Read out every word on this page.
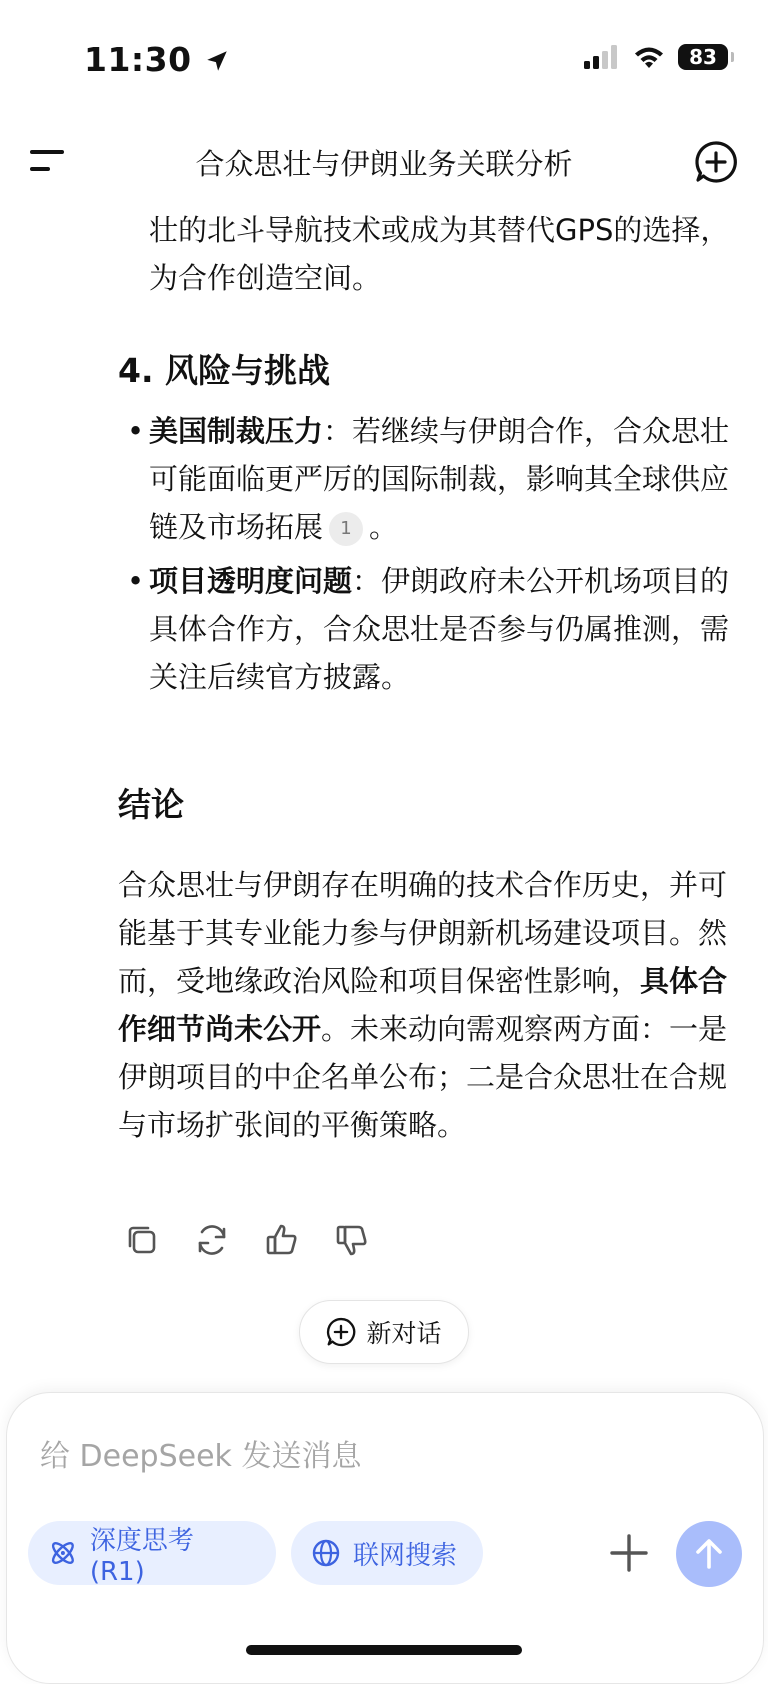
11:30	83
合众思壮与伊朗业务关联分析
壮的北斗导航技术或成为其替代GPS的选择，为合作创造空间。
4. 风险与挑战
• 美国制裁压力：若继续与伊朗合作，合众思壮可能面临更严厉的国际制裁，影响其全球供应链及市场拓展 1 。
• 项目透明度问题：伊朗政府未公开机场项目的具体合作方，合众思壮是否参与仍属推测，需关注后续官方披露。
结论
合众思壮与伊朗存在明确的技术合作历史，并可能基于其专业能力参与伊朗新机场建设项目。然而，受地缘政治风险和项目保密性影响，具体合作细节尚未公开。未来动向需观察两方面：一是伊朗项目的中企名单公布；二是合众思壮在合规与市场扩张间的平衡策略。
新对话
给 DeepSeek 发送消息
深度思考 (R1)
联网搜索
